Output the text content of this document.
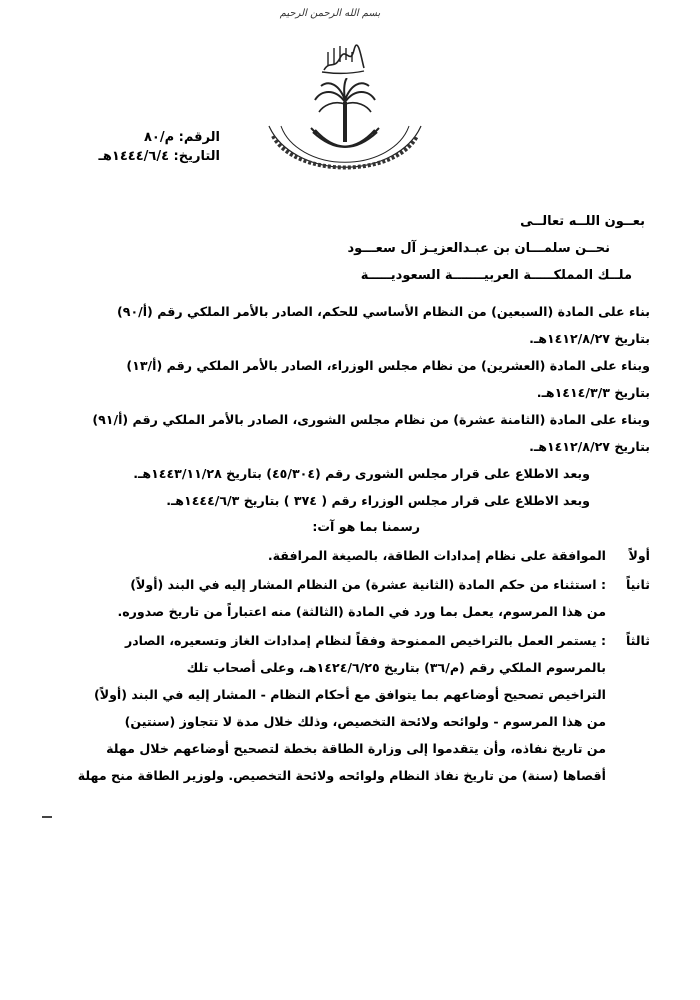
بسم الله الرحمن الرحيم
الرقم: م/٨٠
التاريخ: ١٤٤٤/٦/٤هـ
بعــون اللــه تعالــى
نحــن سلمـــان بن عبـدالعزيـز آل سعـــود
ملــك المملكـــــة العربيـــــــة السعوديـــــة
بناء على المادة (السبعين) من النظام الأساسي للحكم، الصادر بالأمر الملكي رقم (أ/٩٠)
بتاريخ ١٤١٢/٨/٢٧هـ.
وبناء على المادة (العشرين) من نظام مجلس الوزراء، الصادر بالأمر الملكي رقم (أ/١٣)
بتاريخ ١٤١٤/٣/٣هـ.
وبناء على المادة (الثامنة عشرة) من نظام مجلس الشورى، الصادر بالأمر الملكي رقم (أ/٩١)
بتاريخ ١٤١٢/٨/٢٧هـ.
وبعد الاطلاع على قرار مجلس الشورى رقم (٤٥/٣٠٤) بتاريخ ١٤٤٣/١١/٢٨هـ.
وبعد الاطلاع على قرار مجلس الوزراء رقم ( ٣٧٤ ) بتاريخ ١٤٤٤/٦/٣هـ.
رسمنا بما هو آت:
أولاً
الموافقة على نظام إمدادات الطاقة، بالصيغة المرافقة.
ثانياً
: استثناء من حكم المادة (الثانية عشرة) من النظام المشار إليه في البند (أولاً)
من هذا المرسوم، يعمل بما ورد في المادة (الثالثة) منه اعتباراً من تاريخ صدوره.
ثالثاً
: يستمر العمل بالتراخيص الممنوحة وفقاً لنظام إمدادات الغاز وتسعيره، الصادر
بالمرسوم الملكي رقم (م/٣٦) بتاريخ ١٤٢٤/٦/٢٥هـ، وعلى أصحاب تلك
التراخيص تصحيح أوضاعهم بما يتوافق مع أحكام النظام - المشار إليه في البند (أولاً)
من هذا المرسوم - ولوائحه ولائحة التخصيص، وذلك خلال مدة لا تتجاوز (سنتين)
من تاريخ نفاذه، وأن يتقدموا إلى وزارة الطاقة بخطة لتصحيح أوضاعهم خلال مهلة
أقصاها (سنة) من تاريخ نفاذ النظام ولوائحه ولائحة التخصيص. ولوزير الطاقة منح مهلة
